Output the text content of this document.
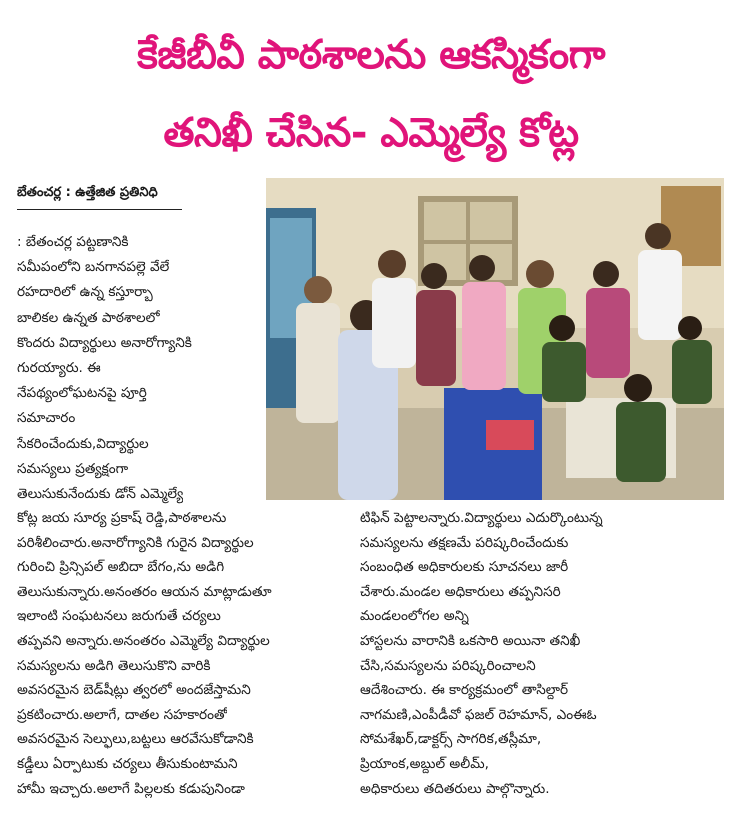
కేజీబీవీ పాఠశాలను ఆకస్మికంగా
తనిఖీ చేసిన- ఎమ్మెల్యే కోట్ల
బేతంచర్ల : ఉత్తేజిత ప్రతినిధి
: బేతంచర్ల పట్టణానికి
సమీపంలోని బనగానపల్లె వేలే
రహదారిలో ఉన్న కస్తూర్బా
బాలికల ఉన్నత పాఠశాలలో
కొందరు విద్యార్థులు అనారోగ్యానికి
గురయ్యారు. ఈ
నేపథ్యంలోఘటనపై పూర్తి
సమాచారం
సేకరించేందుకు,విద్యార్థుల
సమస్యలు ప్రత్యక్షంగా
తెలుసుకునేందుకు డోన్ ఎమ్మెల్యే
కోట్ల జయ సూర్య ప్రకాష్ రెడ్డి,పాఠశాలను
పరిశీలించారు.అనారోగ్యానికి గురైన విద్యార్థుల
గురించి ప్రిన్సిపల్ అబిదా బేగం,ను అడిగి
తెలుసుకున్నారు.అనంతరం ఆయన మాట్లాడుతూ
ఇలాంటి సంఘటనలు జరుగుతే చర్యలు
తప్పవని అన్నారు.అనంతరం ఎమ్మెల్యే విద్యార్థుల
సమస్యలను అడిగి తెలుసుకొని వారికి
అవసరమైన బెడ్‌షీట్లు త్వరలో అందజేస్తామని
ప్రకటించారు.అలాగే, దాతల సహకారంతో
అవసరమైన సెల్ఫులు,బట్టలు ఆరవేసుకోడానికి
కడ్డీలు ఏర్పాటుకు చర్యలు తీసుకుంటామని
హామీ ఇచ్చారు.అలాగే పిల్లలకు కడుపునిండా
టిఫిన్ పెట్టాలన్నారు.విద్యార్థులు ఎదుర్కొంటున్న
సమస్యలను తక్షణమే పరిష్కరించేందుకు
సంబంధిత అధికారులకు సూచనలు జారీ
చేశారు.మండల అధికారులు తప్పనిసరి
మండలంలోగల అన్ని
హాస్టలను వారానికి ఒకసారి అయినా తనిఖీ
చేసి,సమస్యలను పరిష్కరించాలని
ఆదేశించారు. ఈ కార్యక్రమంలో తాసిల్దార్
నాగమణి,ఎంపీడీవో ఫజల్ రెహమాన్, ఎంఈఓ
సోమశేఖర్,డాక్టర్స్ సాగరిక,తస్లీమా,
ప్రియాంక,అబ్దుల్ అలీమ్,
అధికారులు తదితరులు పాల్గొన్నారు.
